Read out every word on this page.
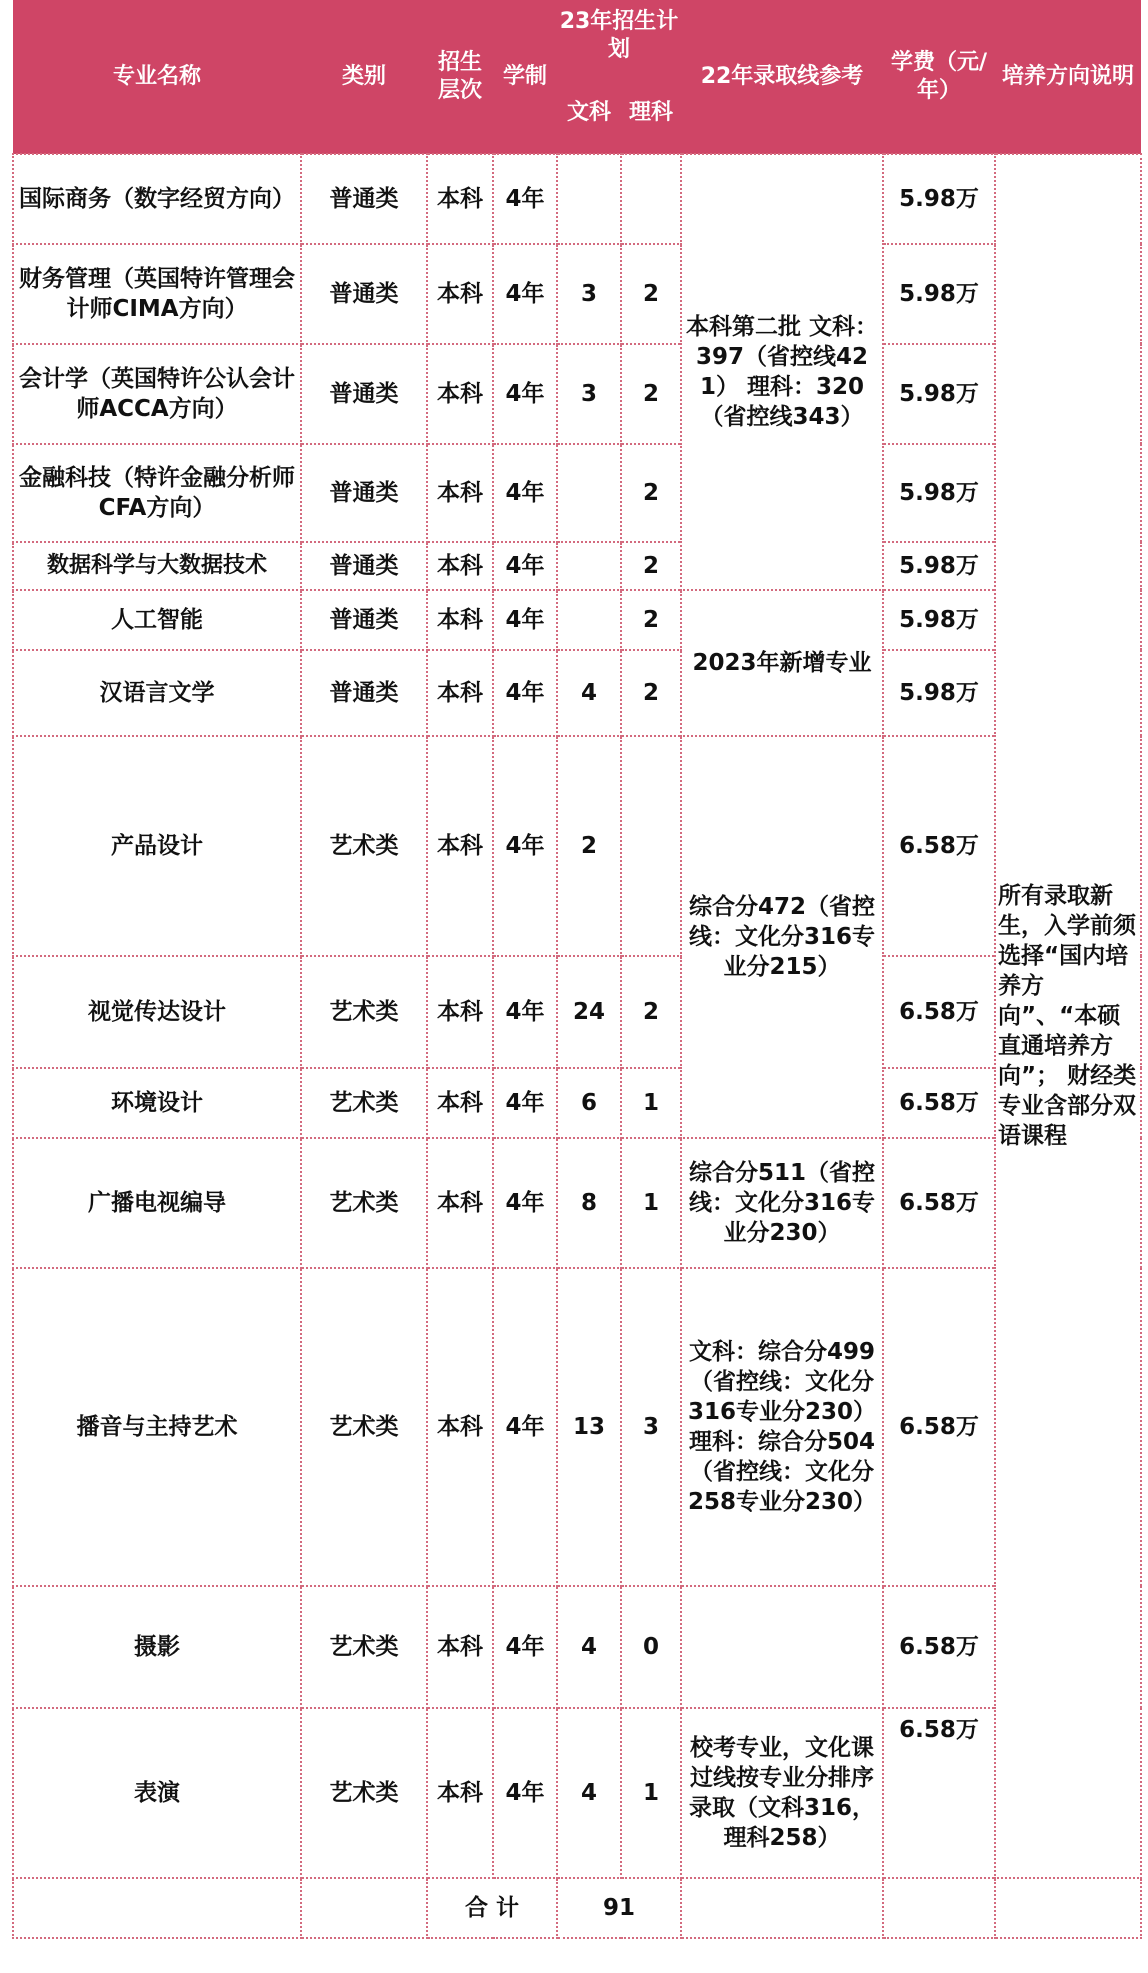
专业名称	类别	招生层次	学制	23年招生计划		22年录取线参考	学费（元/年）	培养方向说明
				文科	理科			
国际商务（数字经贸方向）	普通类	本科	4年			本科第二批 文科：397（省控线421） 理科：320（省控线343）	5.98万	所有录取新生，入学前须选择“国内培养方向”、“本硕直通培养方向”； 财经类专业含部分双语课程
财务管理（英国特许管理会计师CIMA方向）	普通类	本科	4年	3	2		5.98万	
会计学（英国特许公认会计师ACCA方向）	普通类	本科	4年	3	2		5.98万	
金融科技（特许金融分析师CFA方向）	普通类	本科	4年		2		5.98万	
数据科学与大数据技术	普通类	本科	4年		2		5.98万	
人工智能	普通类	本科	4年		2	2023年新增专业	5.98万	
汉语言文学	普通类	本科	4年	4	2		5.98万	
产品设计	艺术类	本科	4年	2		综合分472（省控线：文化分316专业分215）	6.58万	
视觉传达设计	艺术类	本科	4年	24	2		6.58万	
环境设计	艺术类	本科	4年	6	1		6.58万	
广播电视编导	艺术类	本科	4年	8	1	综合分511（省控线：文化分316专业分230）	6.58万	
播音与主持艺术	艺术类	本科	4年	13	3	文科：综合分499（省控线：文化分316专业分230）理科：综合分504（省控线：文化分258专业分230）	6.58万	
摄影	艺术类	本科	4年	4	0		6.58万	
表演	艺术类	本科	4年	4	1	校考专业，文化课过线按专业分排序录取（文科316，理科258）	6.58万	
		合 计		91				
